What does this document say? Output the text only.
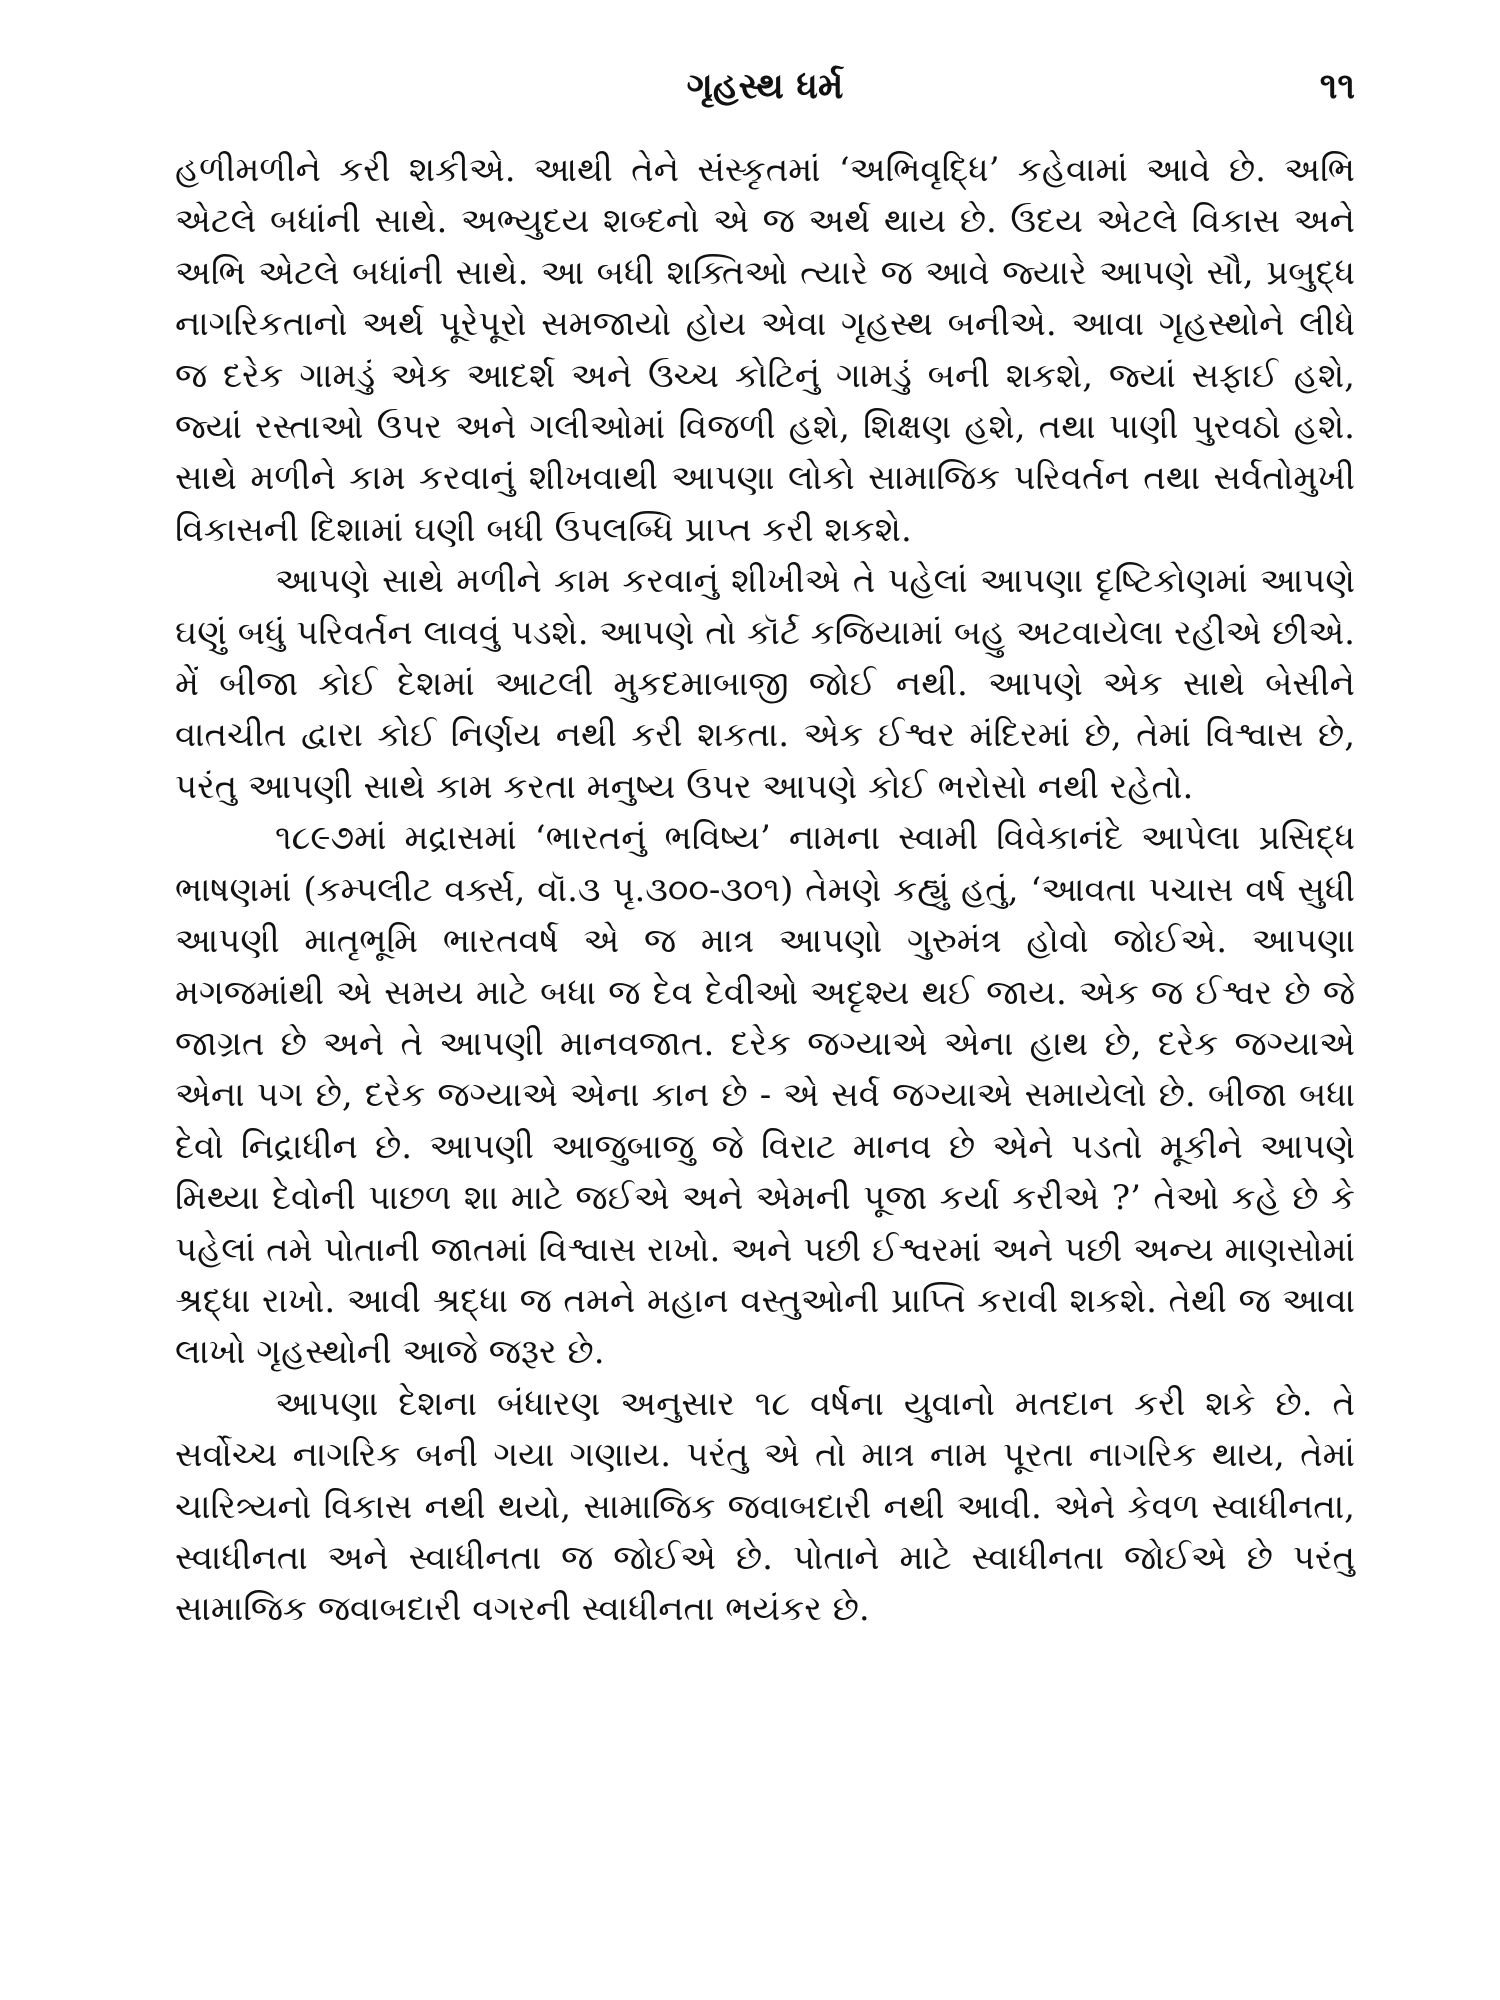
ગૃહસ્થ ધર્મ	૧૧

હળીમળીને કરી શકીએ. આથી તેને સંસ્કૃતમાં ‘અભિવૃદ્ધિ’ કહેવામાં આવે છે. અભિ એટલે બધાંની સાથે. અભ્યુદય શબ્દનો એ જ અર્થ થાય છે. ઉદય એટલે વિકાસ અને અભિ એટલે બધાંની સાથે. આ બધી શક્તિઓ ત્યારે જ આવે જ્યારે આપણે સૌ, પ્રબુદ્ધ નાગરિકતાનો અર્થ પૂરેપૂરો સમજાયો હોય એવા ગૃહસ્થ બનીએ. આવા ગૃહસ્થોને લીધે જ દરેક ગામડું એક આદર્શ અને ઉચ્ચ કોટિનું ગામડું બની શકશે, જ્યાં સફાઈ હશે, જ્યાં રસ્તાઓ ઉપર અને ગલીઓમાં વિજળી હશે, શિક્ષણ હશે, તથા પાણી પુરવઠો હશે. સાથે મળીને કામ કરવાનું શીખવાથી આપણા લોકો સામાજિક પરિવર્તન તથા સર્વતોમુખી વિકાસની દિશામાં ઘણી બધી ઉપલબ્ધિ પ્રાપ્ત કરી શકશે.

આપણે સાથે મળીને કામ કરવાનું શીખીએ તે પહેલાં આપણા દૃષ્ટિકોણમાં આપણે ઘણું બધું પરિવર્તન લાવવું પડશે. આપણે તો કૉર્ટ કજિયામાં બહુ અટવાયેલા રહીએ છીએ. મેં બીજા કોઈ દેશમાં આટલી મુકદમાબાજી જોઈ નથી. આપણે એક સાથે બેસીને વાતચીત દ્વારા કોઈ નિર્ણય નથી કરી શકતા. એક ઈશ્વર મંદિરમાં છે, તેમાં વિશ્વાસ છે, પરંતુ આપણી સાથે કામ કરતા મનુષ્ય ઉપર આપણે કોઈ ભરોસો નથી રહેતો.

૧૮૯૭માં મદ્રાસમાં ‘ભારતનું ભવિષ્ય’ નામના સ્વામી વિવેકાનંદે આપેલા પ્રસિદ્ધ ભાષણમાં (કમ્પલીટ વર્ક્સ, વૉ.૩ પૃ.૩૦૦-૩૦૧) તેમણે કહ્યું હતું, ‘આવતા પચાસ વર્ષ સુધી આપણી માતૃભૂમિ ભારતવર્ષ એ જ માત્ર આપણો ગુરુમંત્ર હોવો જોઈએ. આપણા મગજમાંથી એ સમય માટે બધા જ દેવ દેવીઓ અદૃશ્ય થઈ જાય. એક જ ઈશ્વર છે જે જાગ્રત છે અને તે આપણી માનવજાત. દરેક જગ્યાએ એના હાથ છે, દરેક જગ્યાએ એના પગ છે, દરેક જગ્યાએ એના કાન છે - એ સર્વ જગ્યાએ સમાયેલો છે. બીજા બધા દેવો નિદ્રાધીન છે. આપણી આજુબાજુ જે વિરાટ માનવ છે એને પડતો મૂકીને આપણે મિથ્યા દેવોની પાછળ શા માટે જઈએ અને એમની પૂજા કર્યા કરીએ ?’ તેઓ કહે છે કે પહેલાં તમે પોતાની જાતમાં વિશ્વાસ રાખો. અને પછી ઈશ્વરમાં અને પછી અન્ય માણસોમાં શ્રદ્ધા રાખો. આવી શ્રદ્ધા જ તમને મહાન વસ્તુઓની પ્રાપ્તિ કરાવી શકશે. તેથી જ આવા લાખો ગૃહસ્થોની આજે જરૂર છે.

આપણા દેશના બંધારણ અનુસાર ૧૮ વર્ષના યુવાનો મતદાન કરી શકે છે. તે સર્વોચ્ચ નાગરિક બની ગયા ગણાય. પરંતુ એ તો માત્ર નામ પૂરતા નાગરિક થાય, તેમાં ચારિત્ર્યનો વિકાસ નથી થયો, સામાજિક જવાબદારી નથી આવી. એને કેવળ સ્વાધીનતા, સ્વાધીનતા અને સ્વાધીનતા જ જોઈએ છે. પોતાને માટે સ્વાધીનતા જોઈએ છે પરંતુ સામાજિક જવાબદારી વગરની સ્વાધીનતા ભયંકર છે.
